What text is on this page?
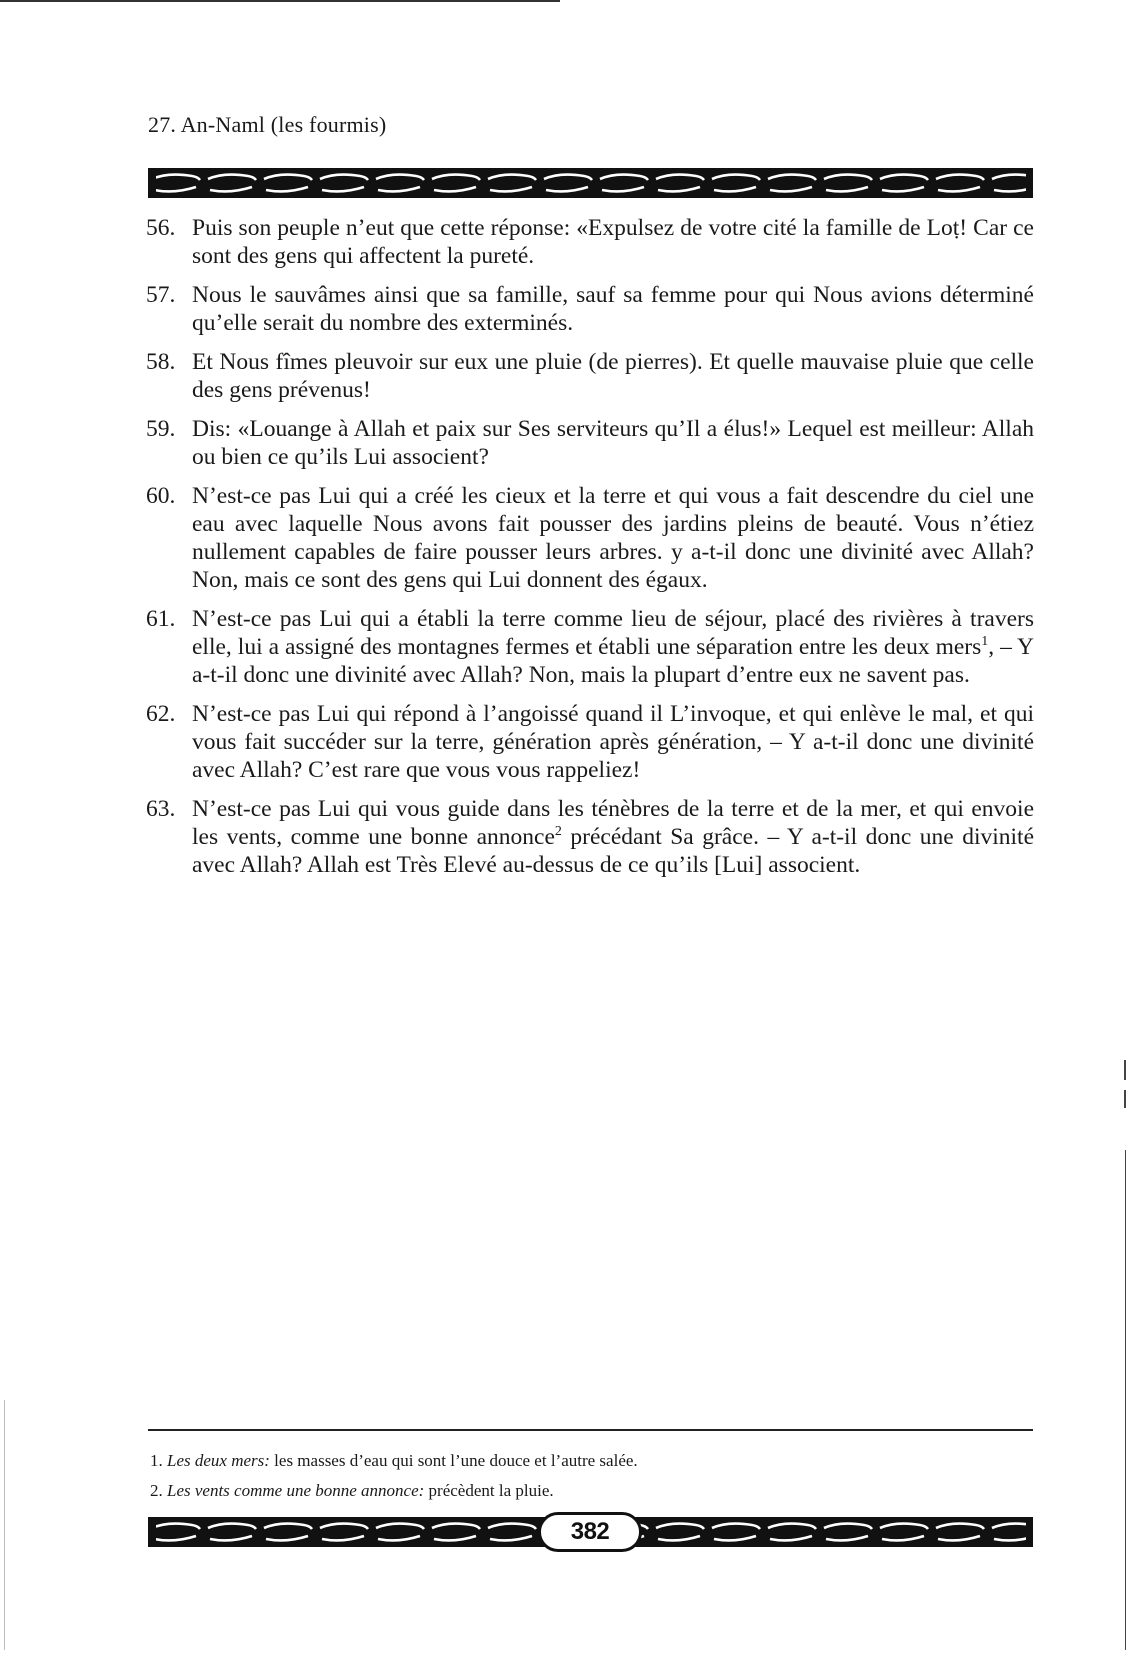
27. An-Naml (les fourmis)
56. Puis son peuple n’eut que cette réponse: «Expulsez de votre cité la famille de Loṭ! Car ce sont des gens qui affectent la pureté.
57. Nous le sauvâmes ainsi que sa famille, sauf sa femme pour qui Nous avions déterminé qu’elle serait du nombre des exterminés.
58. Et Nous fîmes pleuvoir sur eux une pluie (de pierres). Et quelle mauvaise pluie que celle des gens prévenus!
59. Dis: «Louange à Allah et paix sur Ses serviteurs qu’Il a élus!» Lequel est meilleur: Allah ou bien ce qu’ils Lui associent?
60. N’est-ce pas Lui qui a créé les cieux et la terre et qui vous a fait descendre du ciel une eau avec laquelle Nous avons fait pousser des jardins pleins de beauté. Vous n’étiez nullement capables de faire pousser leurs arbres. y a-t-il donc une divinité avec Allah? Non, mais ce sont des gens qui Lui donnent des égaux.
61. N’est-ce pas Lui qui a établi la terre comme lieu de séjour, placé des rivières à travers elle, lui a assigné des montagnes fermes et établi une séparation entre les deux mers$^1$, – Y a-t-il donc une divinité avec Allah? Non, mais la plupart d’entre eux ne savent pas.
62. N’est-ce pas Lui qui répond à l’angoissé quand il L’invoque, et qui enlève le mal, et qui vous fait succéder sur la terre, génération après génération, – Y a-t-il donc une divinité avec Allah? C’est rare que vous vous rappeliez!
63. N’est-ce pas Lui qui vous guide dans les ténèbres de la terre et de la mer, et qui envoie les vents, comme une bonne annonce$^2$ précédant Sa grâce. – Y a-t-il donc une divinité avec Allah? Allah est Très Elevé au-dessus de ce qu’ils [Lui] associent.
1. Les deux mers: les masses d’eau qui sont l’une douce et l’autre salée.
2. Les vents comme une bonne annonce: précèdent la pluie.
382
